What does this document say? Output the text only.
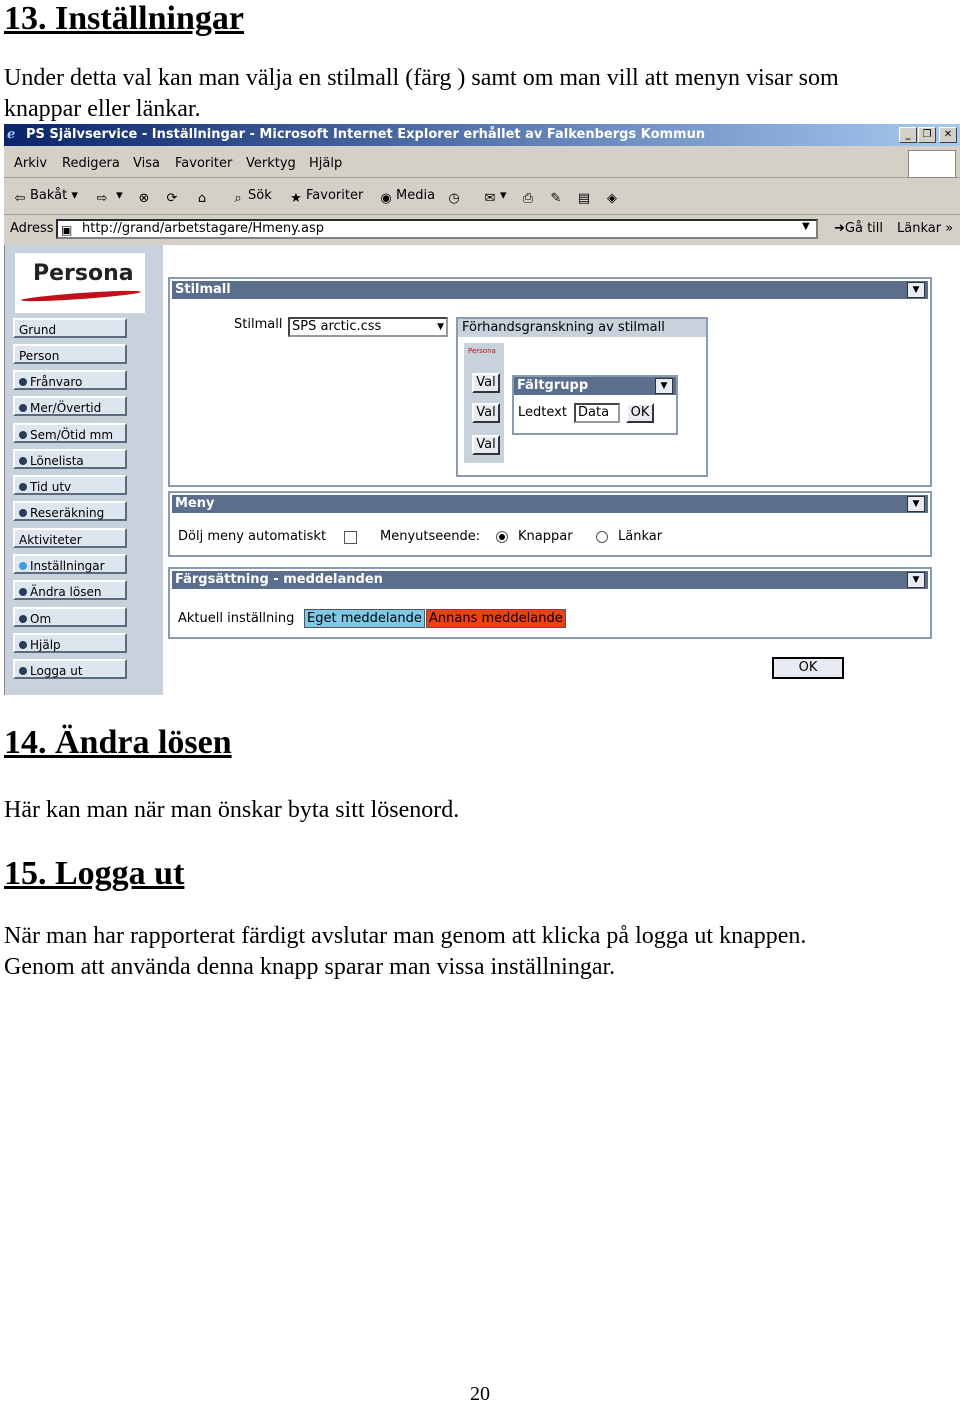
13. Inställningar

Under detta val kan man välja en stilmall (färg ) samt om man vill att menyn visar som

knappar eller länkar.

ℯ PS Självservice - Inställningar - Microsoft Internet Explorer erhållet av Falkenbergs Kommun	_	❐	✕
Arkiv Redigera Visa Favoriter Verktyg Hjälp
⇦ Bakåt ▾ ⇨ ▾ ⊗	⟳	⌂	⌕ Sök ★ Favoriter ◉ Media ◷	✉ ▾ ⎙	✎	▤ ◈
Adress ▣ http://grand/arbetstagare/Hmeny.asp	▼ ➜Gå till Länkar »
Persona
Grund
Person
Frånvaro
Mer/Övertid
Sem/Ötid mm
Lönelista
Tid utv
Reseräkning
Aktiviteter
Inställningar
Ändra lösen
Om
Hjälp
Logga ut
Stilmall	▼
Stilmall SPS arctic.css	▼	Förhandsgranskning av stilmall
Persona
Val
Val
Val
Fältgrupp	▼
Ledtext Data	OK
Meny	▼
Dölj meny automatiskt	Menyutseende:	Knappar	Länkar
Färgsättning - meddelanden	▼
Aktuell inställning Eget meddelande Annans meddelande
OK
14. Ändra lösen

Här kan man när man önskar byta sitt lösenord.

15. Logga ut

När man har rapporterat färdigt avslutar man genom att klicka på logga ut knappen.

Genom att använda denna knapp sparar man vissa inställningar.

20
